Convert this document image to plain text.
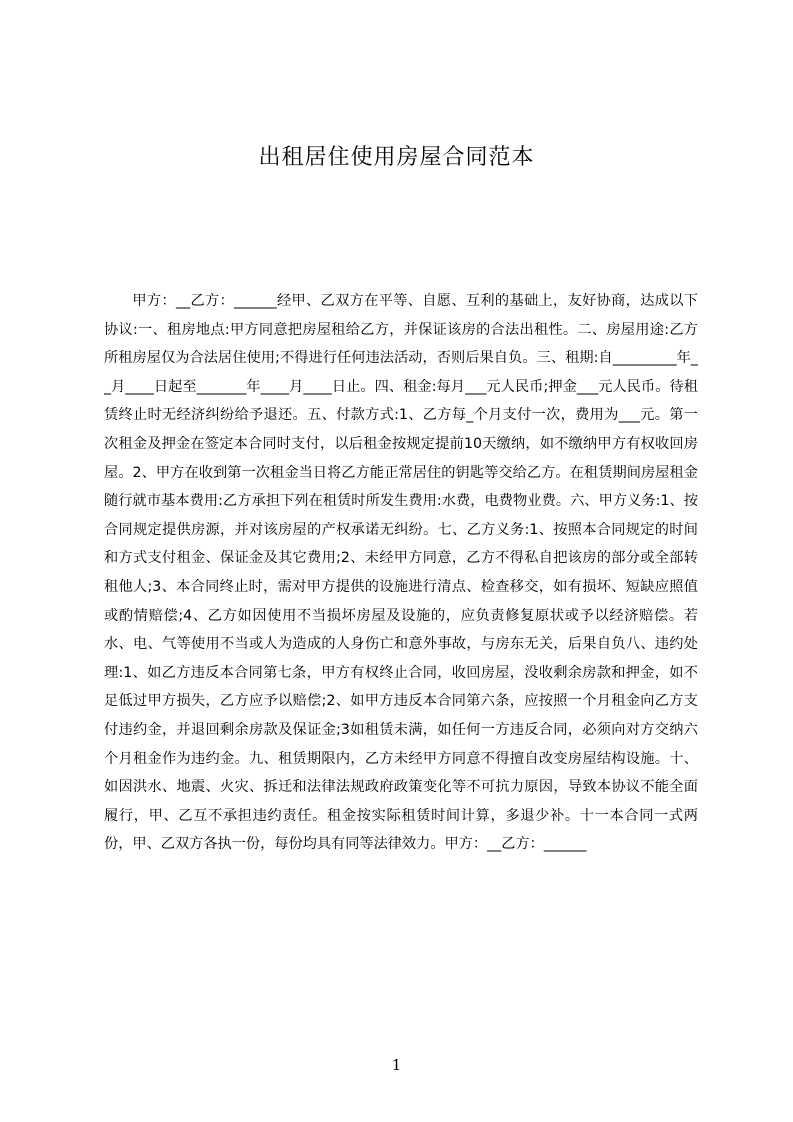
出租居住使用房屋合同范本

甲方：__乙方：______经甲、乙双方在平等、自愿、互利的基础上，友好协商，达成以下协议:一、租房地点:甲方同意把房屋租给乙方，并保证该房的合法出租性。二、房屋用途:乙方所租房屋仅为合法居住使用;不得进行任何违法活动，否则后果自负。三、租期:自_________年__月____日起至_______年____月____日止。四、租金:每月___元人民币;押金___元人民币。待租赁终止时无经济纠纷给予退还。五、付款方式:1、乙方每_个月支付一次，费用为___元。第一次租金及押金在签定本合同时支付，以后租金按规定提前10天缴纳，如不缴纳甲方有权收回房屋。2、甲方在收到第一次租金当日将乙方能正常居住的钥匙等交给乙方。在租赁期间房屋租金随行就市基本费用:乙方承担下列在租赁时所发生费用:水费，电费物业费。六、甲方义务:1、按合同规定提供房源，并对该房屋的产权承诺无纠纷。七、乙方义务:1、按照本合同规定的时间和方式支付租金、保证金及其它费用;2、未经甲方同意，乙方不得私自把该房的部分或全部转租他人;3、本合同终止时，需对甲方提供的设施进行清点、检查移交，如有损坏、短缺应照值或酌情赔偿;4、乙方如因使用不当损坏房屋及设施的，应负责修复原状或予以经济赔偿。若水、电、气等使用不当或人为造成的人身伤亡和意外事故，与房东无关，后果自负八、违约处理:1、如乙方违反本合同第七条，甲方有权终止合同，收回房屋，没收剩余房款和押金，如不足低过甲方损失，乙方应予以赔偿;2、如甲方违反本合同第六条，应按照一个月租金向乙方支付违约金，并退回剩余房款及保证金;3如租赁未满，如任何一方违反合同，必须向对方交纳六个月租金作为违约金。九、租赁期限内，乙方未经甲方同意不得擅自改变房屋结构设施。十、如因洪水、地震、火灾、拆迁和法律法规政府政策变化等不可抗力原因，导致本协议不能全面履行，甲、乙互不承担违约责任。租金按实际租赁时间计算，多退少补。十一本合同一式两份，甲、乙双方各执一份，每份均具有同等法律效力。甲方：__乙方：______

1
